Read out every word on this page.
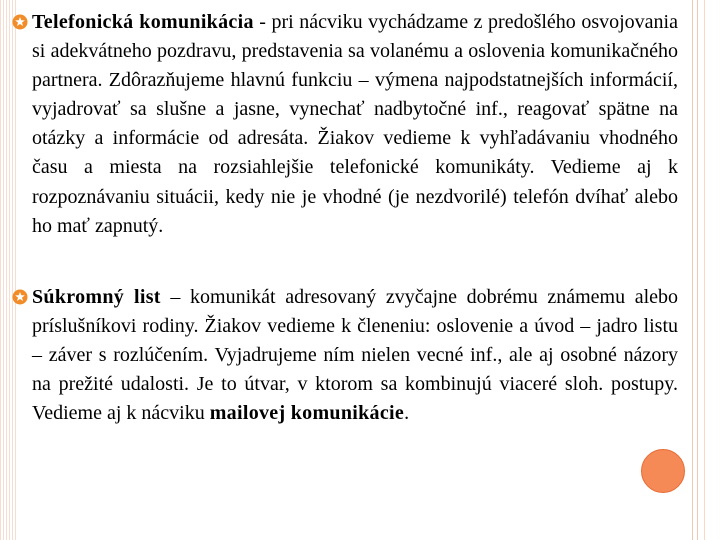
Telefonická komunikácia - pri nácviku vychádzame z predošlého osvojovania si adekvátneho pozdravu, predstavenia sa volanému a oslovenia komunikačného partnera. Zdôrazňujeme hlavnú funkciu – výmena najpodstatnejších informácií, vyjadrovať sa slušne a jasne, vynechať nadbytočné inf., reagovať spätne na otázky a informácie od adresáta. Žiakov vedieme k vyhľadávaniu vhodného času a miesta na rozsiahlejšie telefonické komunikáty. Vedieme aj k rozpoznávaniu situácii, kedy nie je vhodné (je nezdvorilé) telefón dvíhať alebo ho mať zapnutý.
Súkromný list – komunikát adresovaný zvyčajne dobrému známemu alebo príslušníkovi rodiny. Žiakov vedieme k členeniu: oslovenie a úvod – jadro listu – záver s rozlúčením. Vyjadrujeme ním nielen vecné inf., ale aj osobné názory na prežité udalosti. Je to útvar, v ktorom sa kombinujú viaceré sloh. postupy. Vedieme aj k nácviku mailovej komunikácie.
